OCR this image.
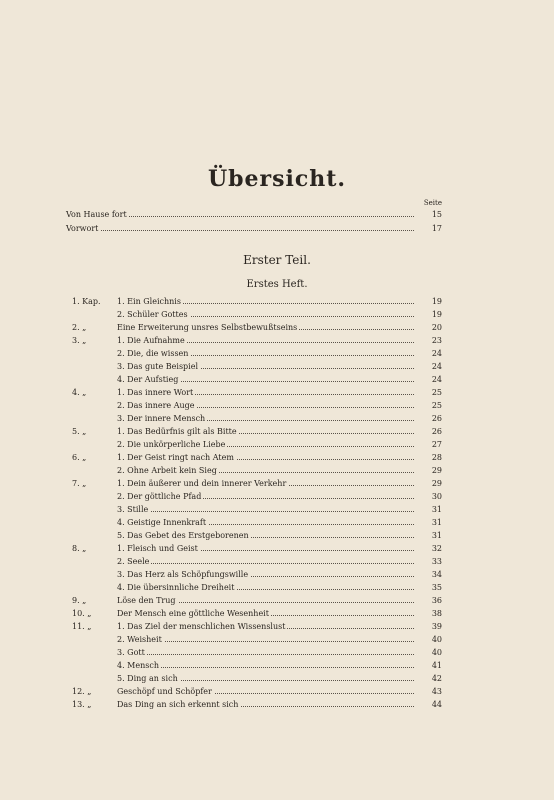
Übersicht.
Seite
Von Hause fort	15
Vorwort	17
Erster Teil.
Erstes Heft.
1. Kap. 1. Ein Gleichnis	19
2. Schüler Gottes	19
2. „	Eine Erweiterung unsres Selbstbewußtseins	20
3. „	1. Die Aufnahme	23
2. Die, die wissen	24
3. Das gute Beispiel	24
4. Der Aufstieg	24
4. „	1. Das innere Wort	25
2. Das innere Auge	25
3. Der innere Mensch	26
5. „	1. Das Bedürfnis gilt als Bitte	26
2. Die unkörperliche Liebe	27
6. „	1. Der Geist ringt nach Atem	28
2. Ohne Arbeit kein Sieg	29
7. „	1. Dein äußerer und dein innerer Verkehr	29
2. Der göttliche Pfad	30
3. Stille	31
4. Geistige Innenkraft	31
5. Das Gebet des Erstgeborenen	31
8. „	1. Fleisch und Geist	32
2. Seele	33
3. Das Herz als Schöpfungswille	34
4. Die übersinnliche Dreiheit	35
9. „	Löse den Trug	36
10. „	Der Mensch eine göttliche Wesenheit	38
11. „	1. Das Ziel der menschlichen Wissenslust	39
2. Weisheit	40
3. Gott	40
4. Mensch	41
5. Ding an sich	42
12. „	Geschöpf und Schöpfer	43
13. „	Das Ding an sich erkennt sich	44
